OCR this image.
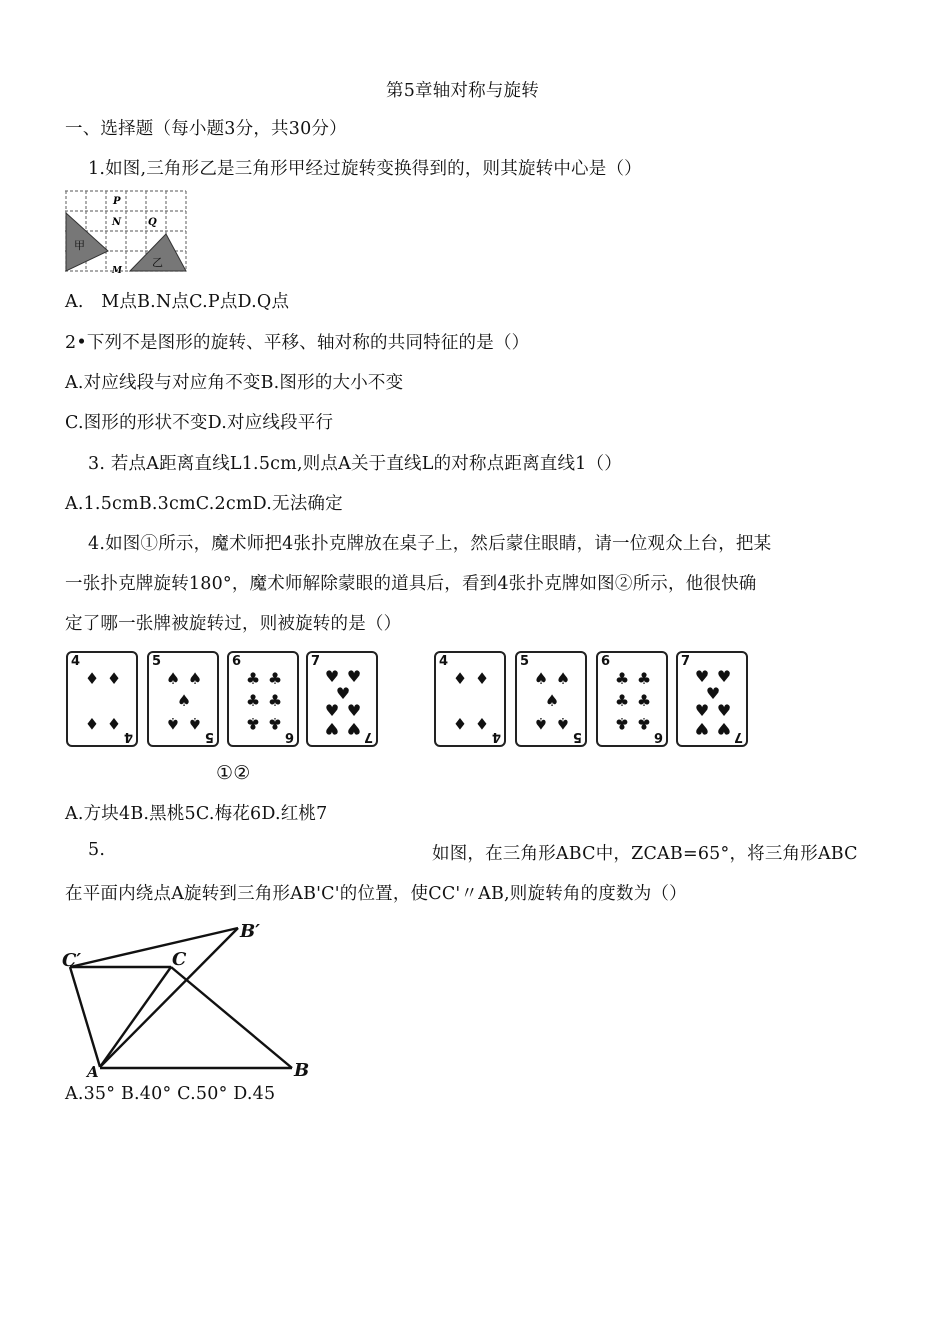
第5章轴对称与旋转
一、选择题（每小题3分，共30分）
1.如图,三角形乙是三角形甲经过旋转变换得到的，则其旋转中心是（）
甲
乙
P
N	Q
M
A.　M点B.N点C.P点D.Q点
2•下列不是图形的旋转、平移、轴对称的共同特征的是（）
A.对应线段与对应角不变B.图形的大小不变
C.图形的形状不变D.对应线段平行
3. 若点A距离直线L1.5cm,则点A关于直线L的对称点距离直线1（）
A.1.5cmB.3cmC.2cmD.无法确定
4.如图①所示，魔术师把4张扑克牌放在桌子上，然后蒙住眼睛，请一位观众上台，把某
一张扑克牌旋转180°，魔术师解除蒙眼的道具后，看到4张扑克牌如图②所示，他很快确
定了哪一张牌被旋转过，则被旋转的是（）
4
4
♦ ♦
♦ ♦
5
5
♠ ♠
♠
♠ ♠
6
6
♣ ♣
♣ ♣
♣ ♣
7
7
♥ ♥
♥
♥ ♥
♥ ♥
4
4
♦ ♦
♦ ♦
5
5
♠ ♠
♠
♠ ♠
6
6
♣ ♣
♣ ♣
♣ ♣
7
7
♥ ♥
♥
♥ ♥
♥ ♥
①②
A.方块4B.黑桃5C.梅花6D.红桃7
5.	如图，在三角形ABC中，ZCAB=65°，将三角形ABC
在平面内绕点A旋转到三角形AB'C'的位置，使CC'〃AB,则旋转角的度数为（）
C′	C
B′
A	B
A.35° B.40° C.50° D.45
